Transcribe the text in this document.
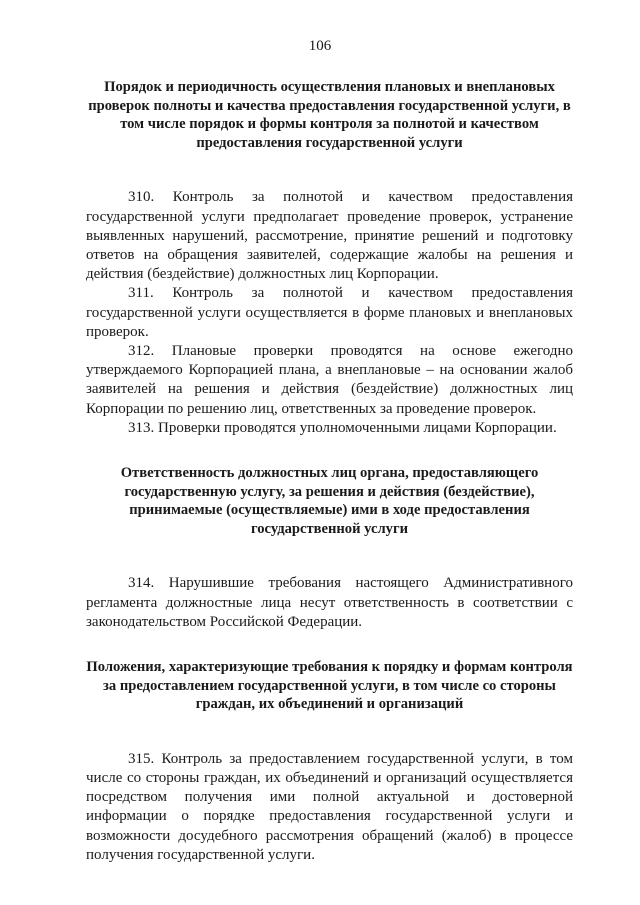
106
Порядок и периодичность осуществления плановых и внеплановых проверок полноты и качества предоставления государственной услуги, в том числе порядок и формы контроля за полнотой и качеством предоставления государственной услуги

310. Контроль за полнотой и качеством предоставления государственной услуги предполагает проведение проверок, устранение выявленных нарушений, рассмотрение, принятие решений и подготовку ответов на обращения заявителей, содержащие жалобы на решения и действия (бездействие) должностных лиц Корпорации.

311. Контроль за полнотой и качеством предоставления государственной услуги осуществляется в форме плановых и внеплановых проверок.

312. Плановые проверки проводятся на основе ежегодно утверждаемого Корпорацией плана, а внеплановые – на основании жалоб заявителей на решения и действия (бездействие) должностных лиц Корпорации по решению лиц, ответственных за проведение проверок.

313. Проверки проводятся уполномоченными лицами Корпорации.

Ответственность должностных лиц органа, предоставляющего государственную услугу, за решения и действия (бездействие), принимаемые (осуществляемые) ими в ходе предоставления государственной услуги

314. Нарушившие требования настоящего Административного регламента должностные лица несут ответственность в соответствии с законодательством Российской Федерации.

Положения, характеризующие требования к порядку и формам контроля за предоставлением государственной услуги, в том числе со стороны граждан, их объединений и организаций

315. Контроль за предоставлением государственной услуги, в том числе со стороны граждан, их объединений и организаций осуществляется посредством получения ими полной актуальной и достоверной информации о порядке предоставления государственной услуги и возможности досудебного рассмотрения обращений (жалоб) в процессе получения государственной услуги.
